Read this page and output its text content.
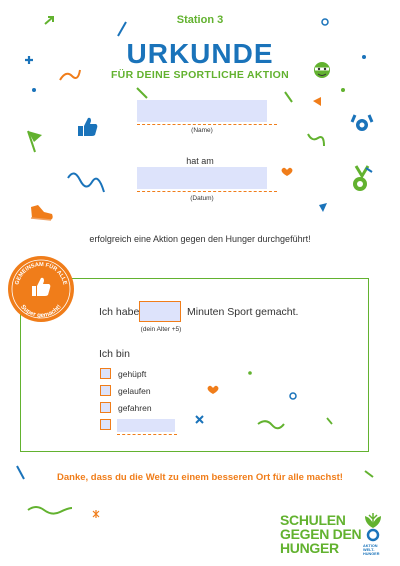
Station 3
URKUNDE
FÜR DEINE SPORTLICHE AKTION
(Name)
hat am
(Datum)
erfolgreich eine Aktion gegen den Hunger durchgeführt!
GEMEINSAM FÜR ALLE
Super gemacht!	Ich habe	Minuten Sport gemacht.
(dein Alter +5)
Ich bin
gehüpft
gelaufen
gefahren
Danke, dass du die Welt zu einem besseren Ort für alle machst!
SCHULEN
GEGEN DEN
HUNGER	AKTION
WELT-
HUNGER
